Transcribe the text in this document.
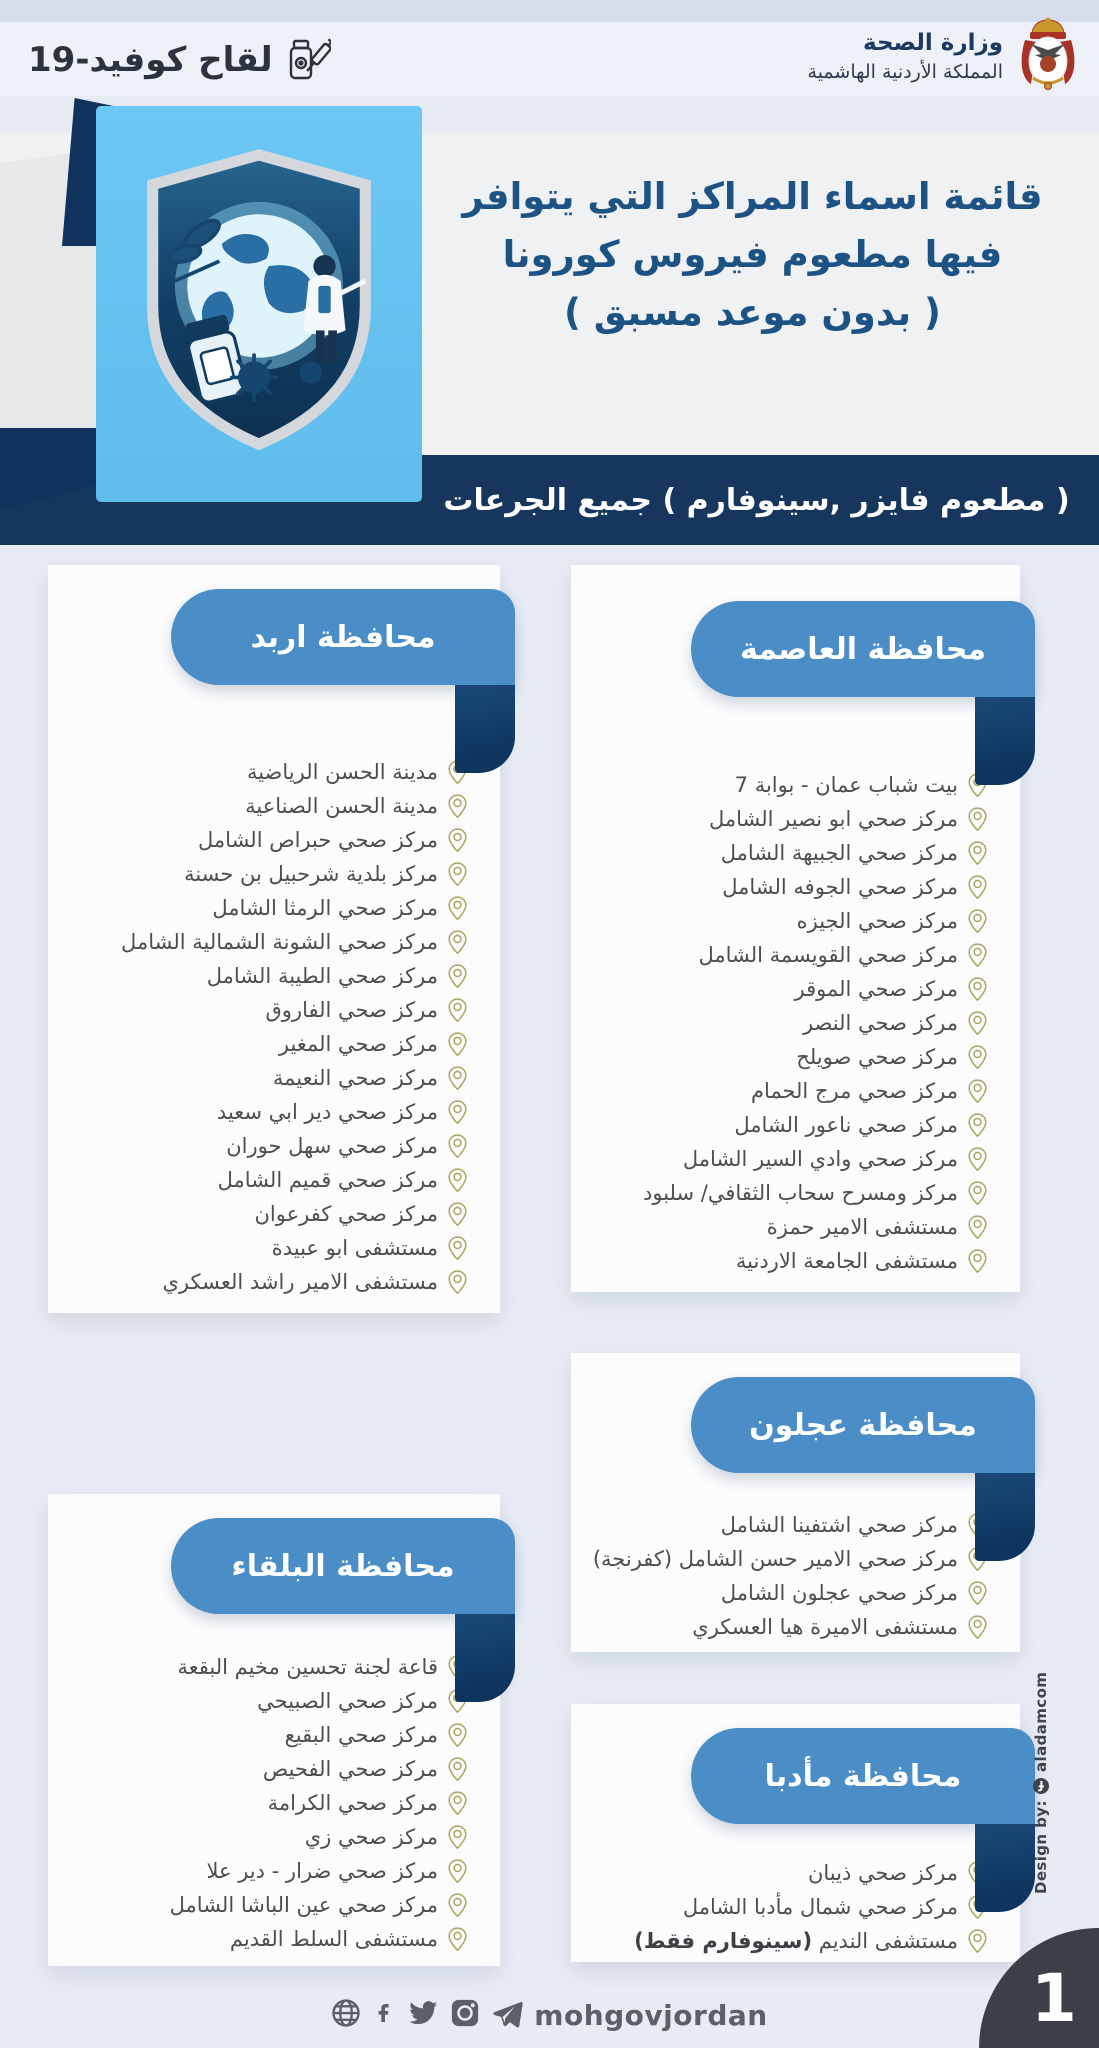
لقاح كوفيد-19	وزارة الصحة
المملكة الأردنية الهاشمية
قائمة اسماء المراكز التي يتوافر
فيها مطعوم فيروس كورونا
( بدون موعد مسبق )
( مطعوم فايزر ,سينوفارم ) جميع الجرعات
محافظة اربد
مدينة الحسن الرياضية
مدينة الحسن الصناعية
مركز صحي حبراص الشامل
مركز بلدية شرحبيل بن حسنة
مركز صحي الرمثا الشامل
مركز صحي الشونة الشمالية الشامل
مركز صحي الطيبة الشامل
مركز صحي الفاروق
مركز صحي المغير
مركز صحي النعيمة
مركز صحي دير ابي سعيد
مركز صحي سهل حوران
مركز صحي قميم الشامل
مركز صحي كفرعوان
مستشفى ابو عبيدة
مستشفى الامير راشد العسكري
محافظة العاصمة
بيت شباب عمان - بوابة 7
مركز صحي ابو نصير الشامل
مركز صحي الجبيهة الشامل
مركز صحي الجوفه الشامل
مركز صحي الجيزه
مركز صحي القويسمة الشامل
مركز صحي الموقر
مركز صحي النصر
مركز صحي صويلح
مركز صحي مرج الحمام
مركز صحي ناعور الشامل
مركز صحي وادي السير الشامل
مركز ومسرح سحاب الثقافي/ سلبود
مستشفى الامير حمزة
مستشفى الجامعة الاردنية
محافظة عجلون
مركز صحي اشتفينا الشامل
مركز صحي الامير حسن الشامل (كفرنجة)
مركز صحي عجلون الشامل
مستشفى الاميرة هيا العسكري
محافظة البلقاء
قاعة لجنة تحسين مخيم البقعة
مركز صحي الصبيحي
مركز صحي البقيع
مركز صحي الفحيص
مركز صحي الكرامة
مركز صحي زي
مركز صحي ضرار - دير علا
مركز صحي عين الباشا الشامل
مستشفى السلط القديم
محافظة مأدبا
مركز صحي ذيبان
مركز صحي شمال مأدبا الشامل
مستشفى النديم (سينوفارم فقط)
Design by:
aladamcom
mohgovjordan	1
